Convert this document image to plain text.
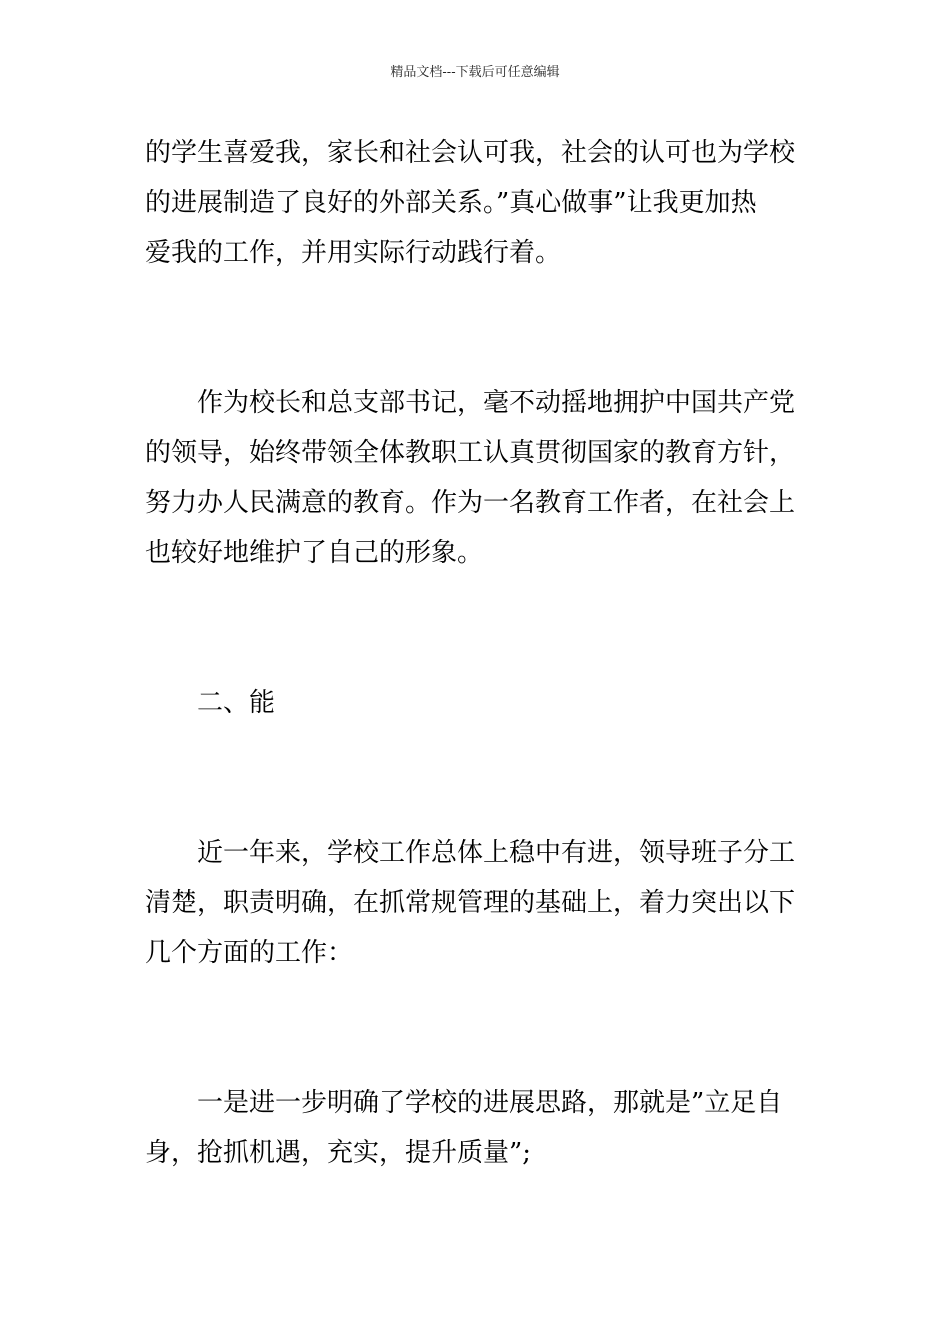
精品文档---下载后可任意编辑
的学生喜爱我，家长和社会认可我，社会的认可也为学校
的进展制造了良好的外部关系。”真心做事”让我更加热
爱我的工作，并用实际行动践行着。
作为校长和总支部书记，毫不动摇地拥护中国共产党
的领导，始终带领全体教职工认真贯彻国家的教育方针，
努力办人民满意的教育。作为一名教育工作者，在社会上
也较好地维护了自己的形象。
二、能
近一年来，学校工作总体上稳中有进，领导班子分工
清楚，职责明确，在抓常规管理的基础上，着力突出以下
几个方面的工作：
一是进一步明确了学校的进展思路，那就是”立足自
身，抢抓机遇，充实，提升质量”;
